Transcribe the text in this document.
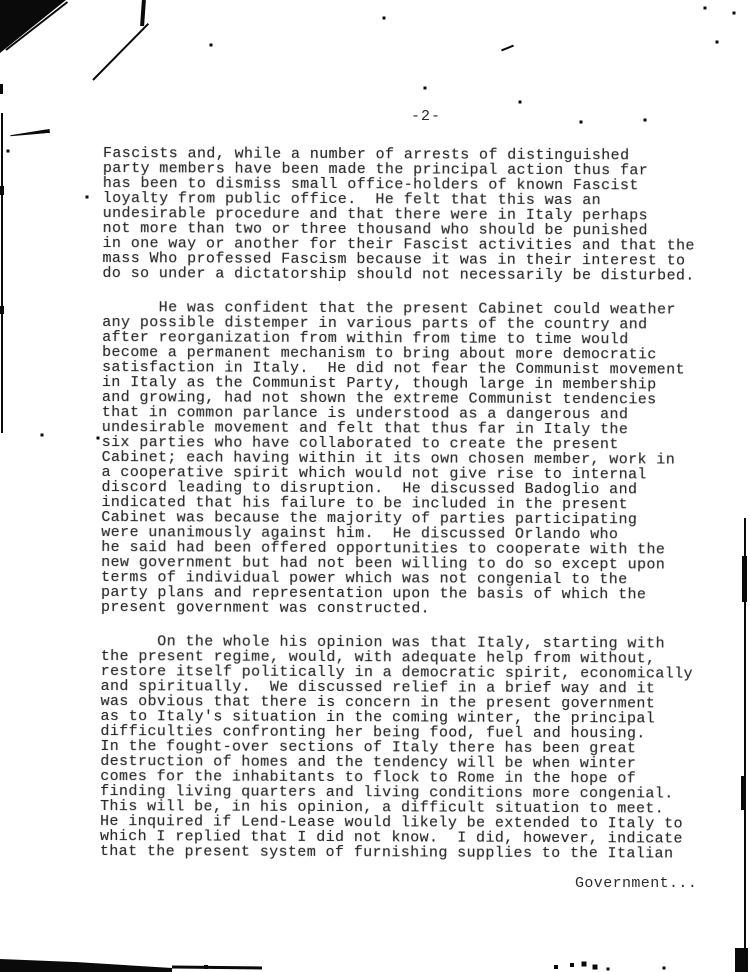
-2-

Fascists and, while a number of arrests of distinguished
party members have been made the principal action thus far
has been to dismiss small office-holders of known Fascist
loyalty from public office.  He felt that this was an
undesirable procedure and that there were in Italy perhaps
not more than two or three thousand who should be punished
in one way or another for their Fascist activities and that the
mass Who professed Fascism because it was in their interest to
do so under a dictatorship should not necessarily be disturbed.

He was confident that the present Cabinet could weather
any possible distemper in various parts of the country and
after reorganization from within from time to time would
become a permanent mechanism to bring about more democratic
satisfaction in Italy.  He did not fear the Communist movement
in Italy as the Communist Party, though large in membership
and growing, had not shown the extreme Communist tendencies
that in common parlance is understood as a dangerous and
undesirable movement and felt that thus far in Italy the
six parties who have collaborated to create the present
Cabinet; each having within it its own chosen member, work in
a cooperative spirit which would not give rise to internal
discord leading to disruption.  He discussed Badoglio and
indicated that his failure to be included in the present
Cabinet was because the majority of parties participating
were unanimously against him.  He discussed Orlando who
he said had been offered opportunities to cooperate with the
new government but had not been willing to do so except upon
terms of individual power which was not congenial to the
party plans and representation upon the basis of which the
present government was constructed.

On the whole his opinion was that Italy, starting with
the present regime, would, with adequate help from without,
restore itself politically in a democratic spirit, economically
and spiritually.  We discussed relief in a brief way and it
was obvious that there is concern in the present government
as to Italy's situation in the coming winter, the principal
difficulties confronting her being food, fuel and housing.
In the fought-over sections of Italy there has been great
destruction of homes and the tendency will be when winter
comes for the inhabitants to flock to Rome in the hope of
finding living quarters and living conditions more congenial.
This will be, in his opinion, a difficult situation to meet.
He inquired if Lend-Lease would likely be extended to Italy to
which I replied that I did not know.  I did, however, indicate
that the present system of furnishing supplies to the Italian

Government...
